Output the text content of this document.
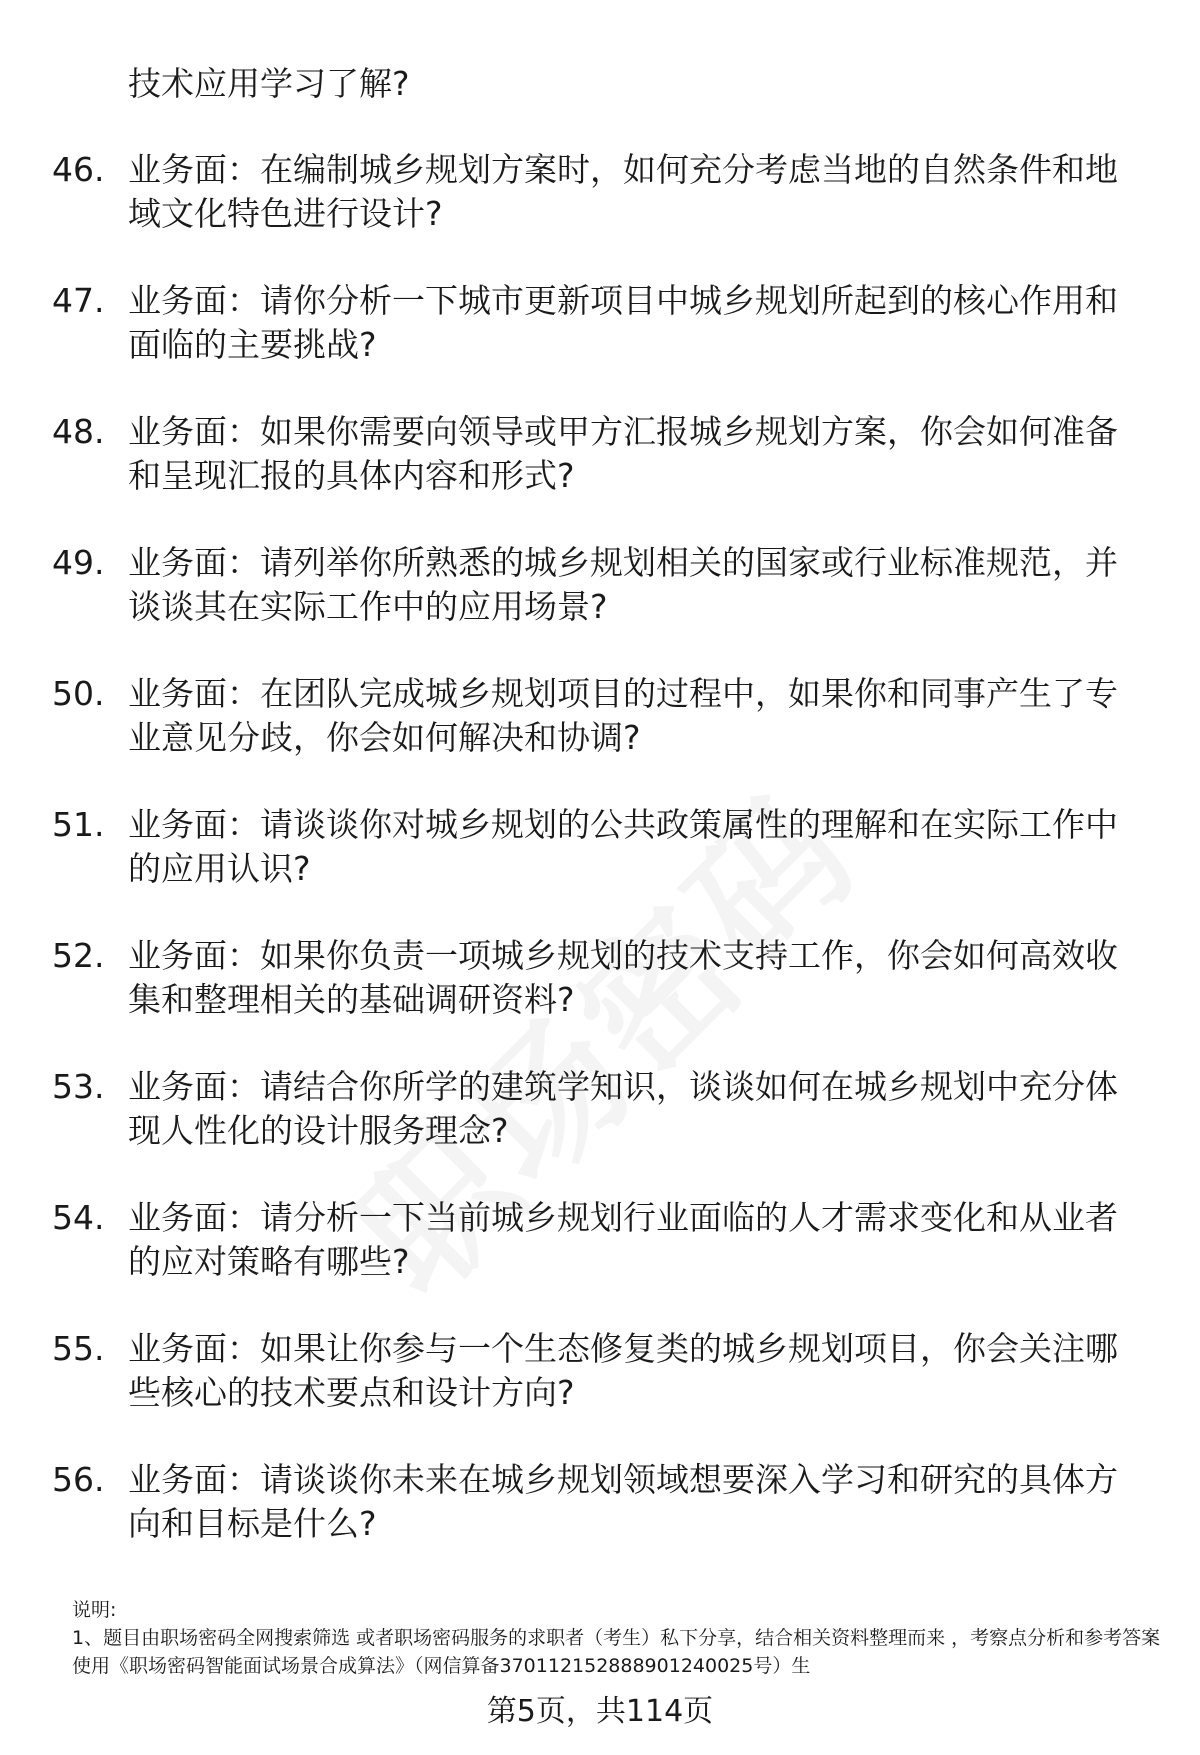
技术应用学习了解?
46. 业务面：在编制城乡规划方案时，如何充分考虑当地的自然条件和地域文化特色进行设计?
47. 业务面：请你分析一下城市更新项目中城乡规划所起到的核心作用和面临的主要挑战?
48. 业务面：如果你需要向领导或甲方汇报城乡规划方案，你会如何准备和呈现汇报的具体内容和形式?
49. 业务面：请列举你所熟悉的城乡规划相关的国家或行业标准规范，并谈谈其在实际工作中的应用场景?
50. 业务面：在团队完成城乡规划项目的过程中，如果你和同事产生了专业意见分歧，你会如何解决和协调?
51. 业务面：请谈谈你对城乡规划的公共政策属性的理解和在实际工作中的应用认识?
52. 业务面：如果你负责一项城乡规划的技术支持工作，你会如何高效收集和整理相关的基础调研资料?
53. 业务面：请结合你所学的建筑学知识，谈谈如何在城乡规划中充分体现人性化的设计服务理念?
54. 业务面：请分析一下当前城乡规划行业面临的人才需求变化和从业者的应对策略有哪些?
55. 业务面：如果让你参与一个生态修复类的城乡规划项目，你会关注哪些核心的技术要点和设计方向?
56. 业务面：请谈谈你未来在城乡规划领域想要深入学习和研究的具体方向和目标是什么?
说明:
1、题目由职场密码全网搜索筛选 或者职场密码服务的求职者（考生）私下分享，结合相关资料整理而来 ，考察点分析和参考答案使用《职场密码智能面试场景合成算法》（网信算备370112152888901240025号）生
第5页，共114页
